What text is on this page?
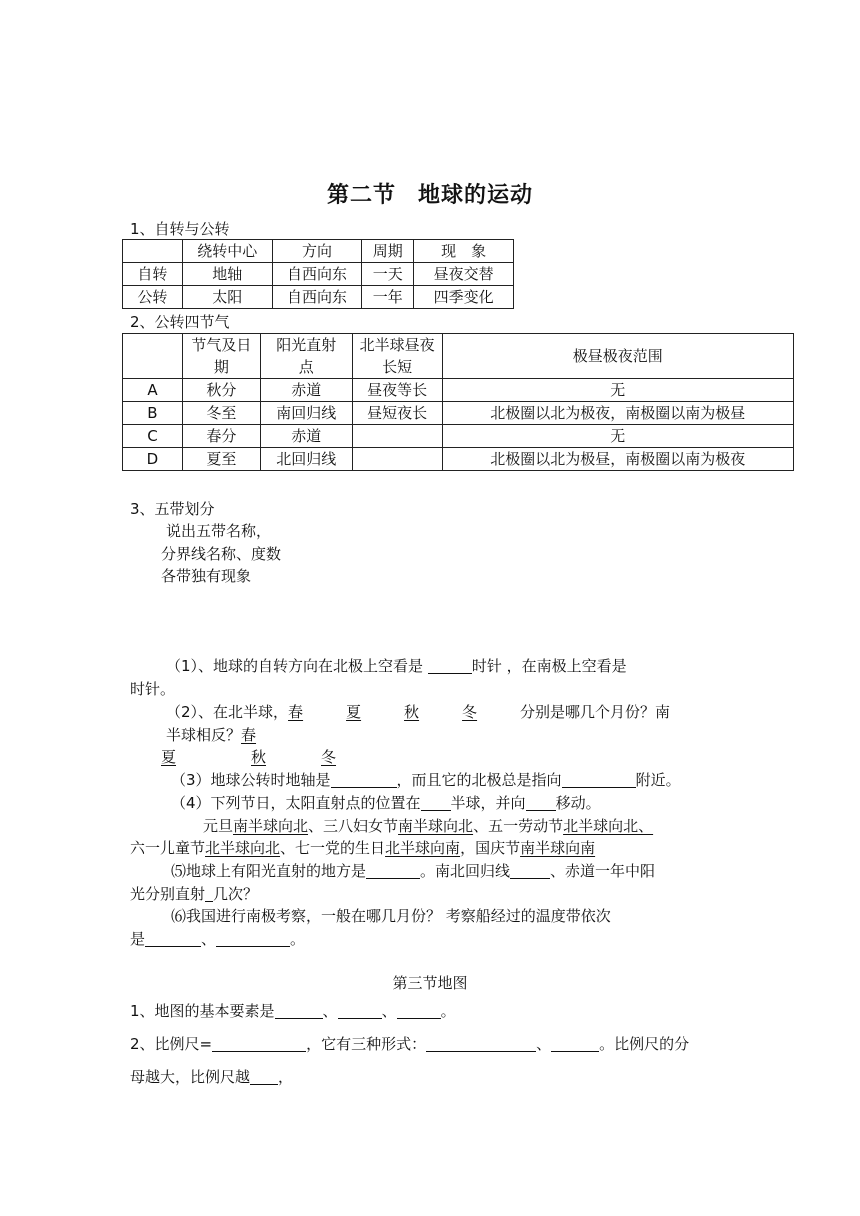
第二节 地球的运动
1、自转与公转
	绕转中心	方向	周期	现　象
自转	地轴	自西向东	一天	昼夜交替
公转	太阳	自西向东	一年	四季变化
2、公转四节气
	节气及日期	阳光直射点	北半球昼夜长短	极昼极夜范围
A	秋分	赤道	昼夜等长	无
B	冬至	南回归线	昼短夜长	北极圈以北为极夜，南极圈以南为极昼
C	春分	赤道		无
D	夏至	北回归线		北极圈以北为极昼，南极圈以南为极夜
3、五带划分
说出五带名称，
分界线名称、度数
各带独有现象
（1）、地球的自转方向在北极上空看是	时针 ，在南极上空看是
时针。
（2）、在北半球，春	夏	秋	冬	分别是哪几个月份？南
半球相反？春
夏	秋	冬
（3）地球公转时地轴是	，而且它的北极总是指向	附近。
（4）下列节日，太阳直射点的位置在 半球，并向 移动。
元旦南半球向北、三八妇女节南半球向北、五一劳动节北半球向北、
六一儿童节北半球向北、七一党的生日北半球向南，国庆节南半球向南
⑸地球上有阳光直射的地方是	。南北回归线	、赤道一年中阳
光分别直射 几次？
⑹我国进行南极考察，一般在哪几月份？ 考察船经过的温度带依次
是	、	。
第三节地图
1、地图的基本要素是	、	、	。
2、比例尺=	，它有三种形式：	、	。比例尺的分
母越大，比例尺越 ，
